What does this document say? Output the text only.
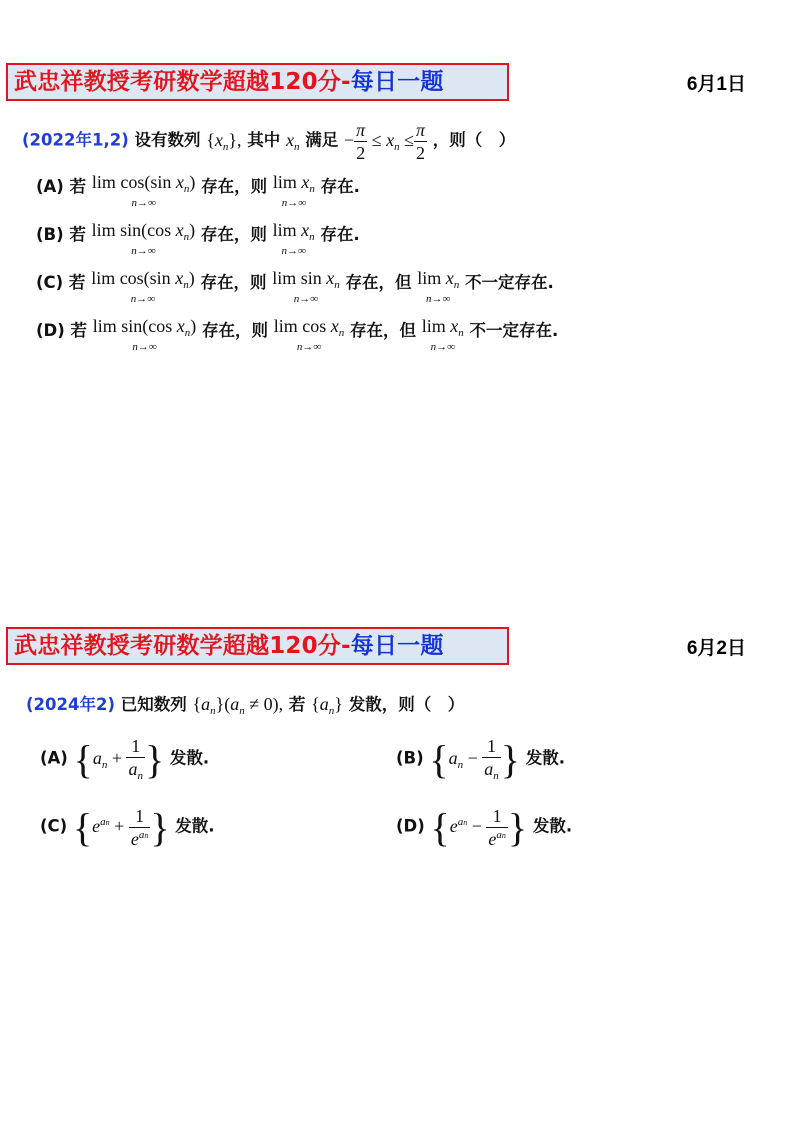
武忠祥教授考研数学超越120分-每日一题	6月1日
(2022年1,2) 设有数列 $\{x_n\}$, 其中 $x_n$ 满足 − $\frac{\pi}{2} \le x_n \le \frac{\pi}{2}$ ，则（　）
(A) 若 lim cos(sin $x_n$)
n→∞
存在，则 $\lim x_n$
n→∞
存在.
(B) 若 lim sin(cos $x_n$)
n→∞
存在，则 $\lim x_n$
n→∞
存在.
(C) 若 lim cos(sin $x_n$)
n→∞
存在，则 $\lim \sin x_n$
n→∞
存在，但 $\lim x_n$
n→∞
不一定存在.
(D) 若 lim sin(cos $x_n$)
n→∞
存在，则 $\lim \cos x_n$
n→∞
存在，但 $\lim x_n$
n→∞
不一定存在.
武忠祥教授考研数学超越120分-每日一题	6月2日
(2024年2) 已知数列 $\{a_n\}(a_n \ne 0)$, 若 $\{a_n\}$ 发散，则（　）
(A) {$a_n + \frac{1}{a_n}$ } 发散.	(B) {$a_n - \frac{1}{a_n}$ } 发散.
(C) {$e^{an} + \frac{1}{e^{an}}$ } 发散.	(D) {$e^{an} - \frac{1}{e^{an}}$ } 发散.
